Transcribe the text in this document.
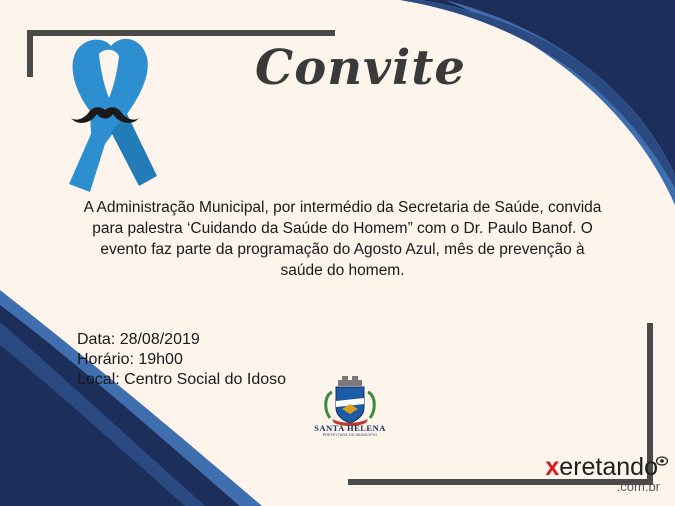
Convite
A Administração Municipal, por intermédio da Secretaria de Saúde, convida
para palestra ‘Cuidando da Saúde do Homem” com o Dr. Paulo Banof. O
evento faz parte da programação do Agosto Azul, mês de prevenção à
saúde do homem.
Data: 28/08/2019
Horário: 19h00
Local: Centro Social do Idoso
SANTA HELENA
PREFEITURA DO MUNICÍPIO
xeretando
.com.br
